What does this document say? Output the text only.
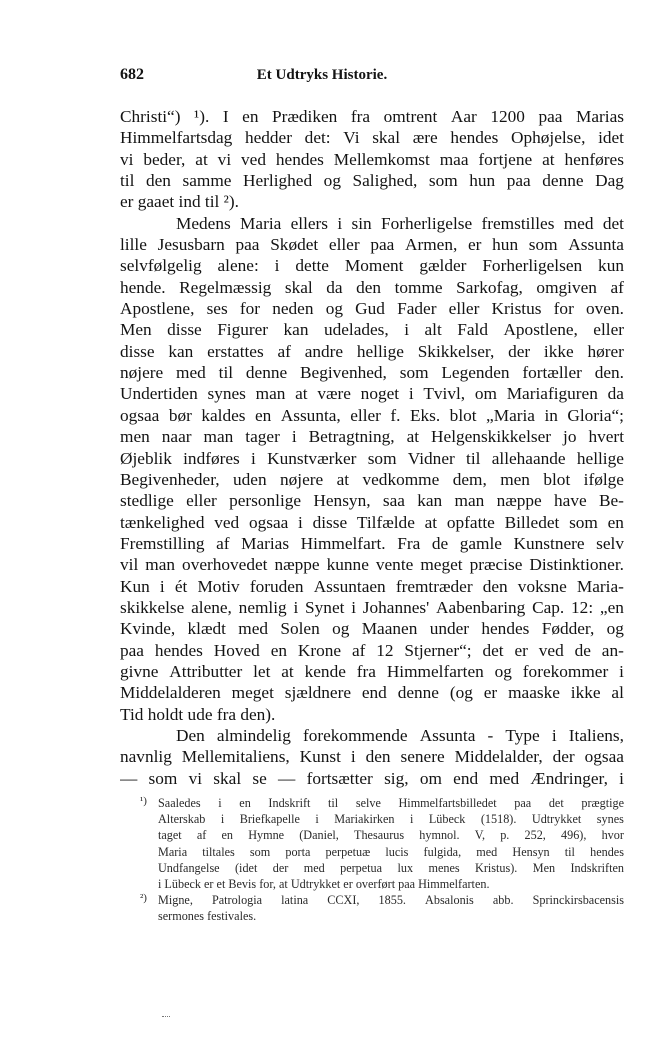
682	Et Udtryks Historie.
Christi“) ¹). I en Prædiken fra omtrent Aar 1200 paa Marias
Himmelfartsdag hedder det: Vi skal ære hendes Ophøjelse, idet
vi beder, at vi ved hendes Mellemkomst maa fortjene at henføres
til den samme Herlighed og Salighed, som hun paa denne Dag
er gaaet ind til ²).
Medens Maria ellers i sin Forherligelse fremstilles med det
lille Jesusbarn paa Skødet eller paa Armen, er hun som Assunta
selvfølgelig alene: i dette Moment gælder Forherligelsen kun
hende. Regelmæssig skal da den tomme Sarkofag, omgiven af
Apostlene, ses for neden og Gud Fader eller Kristus for oven.
Men disse Figurer kan udelades, i alt Fald Apostlene, eller
disse kan erstattes af andre hellige Skikkelser, der ikke hører
nøjere med til denne Begivenhed, som Legenden fortæller den.
Undertiden synes man at være noget i Tvivl, om Mariafiguren da
ogsaa bør kaldes en Assunta, eller f. Eks. blot „Maria in Gloria“;
men naar man tager i Betragtning, at Helgenskikkelser jo hvert
Øjeblik indføres i Kunstværker som Vidner til allehaande hellige
Begivenheder, uden nøjere at vedkomme dem, men blot ifølge
stedlige eller personlige Hensyn, saa kan man næppe have Be-
tænkelighed ved ogsaa i disse Tilfælde at opfatte Billedet som en
Fremstilling af Marias Himmelfart. Fra de gamle Kunstnere selv
vil man overhovedet næppe kunne vente meget præcise Distinktioner.
Kun i ét Motiv foruden Assuntaen fremtræder den voksne Maria-
skikkelse alene, nemlig i Synet i Johannes' Aabenbaring Cap. 12: „en
Kvinde, klædt med Solen og Maanen under hendes Fødder, og
paa hendes Hoved en Krone af 12 Stjerner“; det er ved de an-
givne Attributter let at kende fra Himmelfarten og forekommer i
Middelalderen meget sjældnere end denne (og er maaske ikke al
Tid holdt ude fra den).
Den almindelig forekommende Assunta - Type i Italiens,
navnlig Mellemitaliens, Kunst i den senere Middelalder, der ogsaa
— som vi skal se — fortsætter sig, om end med Ændringer, i
¹) Saaledes i en Indskrift til selve Himmelfartsbilledet paa det prægtige
Alterskab i Briefkapelle i Mariakirken i Lübeck (1518). Udtrykket synes
taget af en Hymne (Daniel, Thesaurus hymnol. V, p. 252, 496), hvor
Maria tiltales som porta perpetuæ lucis fulgida, med Hensyn til hendes
Undfangelse (idet der med perpetua lux menes Kristus). Men Indskriften
i Lübeck er et Bevis for, at Udtrykket er overført paa Himmelfarten.
²) Migne, Patrologia latina CCXI, 1855. Absalonis abb. Sprinckirsbacensis
sermones festivales.
